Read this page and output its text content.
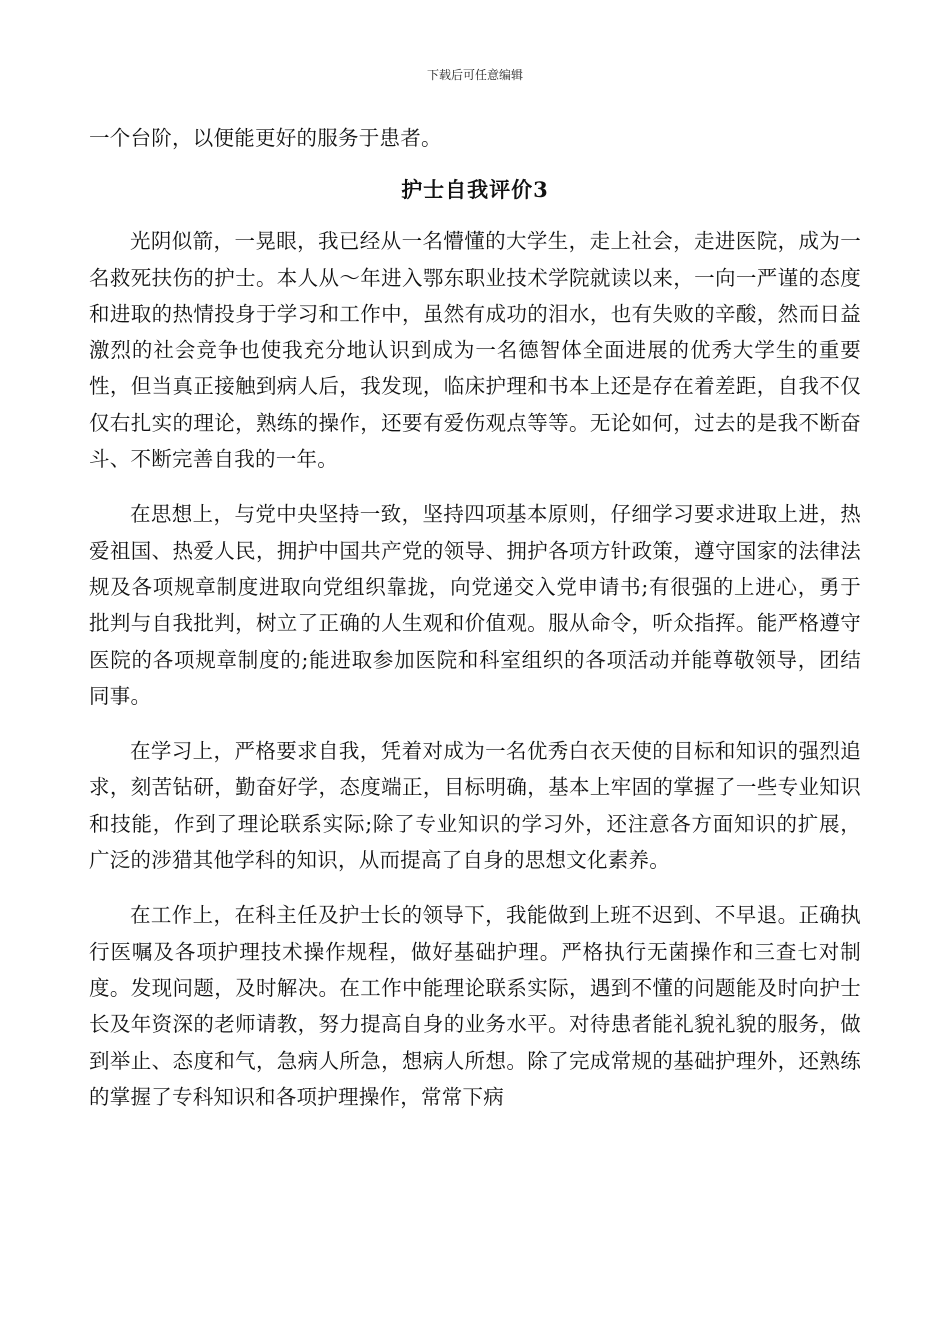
下载后可任意编辑

一个台阶，以便能更好的服务于患者。

护士自我评价3

光阴似箭，一晃眼，我已经从一名懵懂的大学生，走上社会，走进医院，成为一名救死扶伤的护士。本人从～年进入鄂东职业技术学院就读以来，一向一严谨的态度和进取的热情投身于学习和工作中，虽然有成功的泪水，也有失败的辛酸，然而日益激烈的社会竞争也使我充分地认识到成为一名德智体全面进展的优秀大学生的重要性，但当真正接触到病人后，我发现，临床护理和书本上还是存在着差距，自我不仅仅右扎实的理论，熟练的操作，还要有爱伤观点等等。无论如何，过去的是我不断奋斗、不断完善自我的一年。

在思想上，与党中央坚持一致，坚持四项基本原则，仔细学习要求进取上进，热爱祖国、热爱人民，拥护中国共产党的领导、拥护各项方针政策，遵守国家的法律法规及各项规章制度进取向党组织靠拢，向党递交入党申请书;有很强的上进心，勇于批判与自我批判，树立了正确的人生观和价值观。服从命令，听众指挥。能严格遵守医院的各项规章制度的;能进取参加医院和科室组织的各项活动并能尊敬领导，团结同事。

在学习上，严格要求自我，凭着对成为一名优秀白衣天使的目标和知识的强烈追求，刻苦钻研，勤奋好学，态度端正，目标明确，基本上牢固的掌握了一些专业知识和技能，作到了理论联系实际;除了专业知识的学习外，还注意各方面知识的扩展，广泛的涉猎其他学科的知识，从而提高了自身的思想文化素养。

在工作上，在科主任及护士长的领导下，我能做到上班不迟到、不早退。正确执行医嘱及各项护理技术操作规程，做好基础护理。严格执行无菌操作和三查七对制度。发现问题，及时解决。在工作中能理论联系实际，遇到不懂的问题能及时向护士长及年资深的老师请教，努力提高自身的业务水平。对待患者能礼貌礼貌的服务，做到举止、态度和气，急病人所急，想病人所想。除了完成常规的基础护理外，还熟练的掌握了专科知识和各项护理操作，常常下病
